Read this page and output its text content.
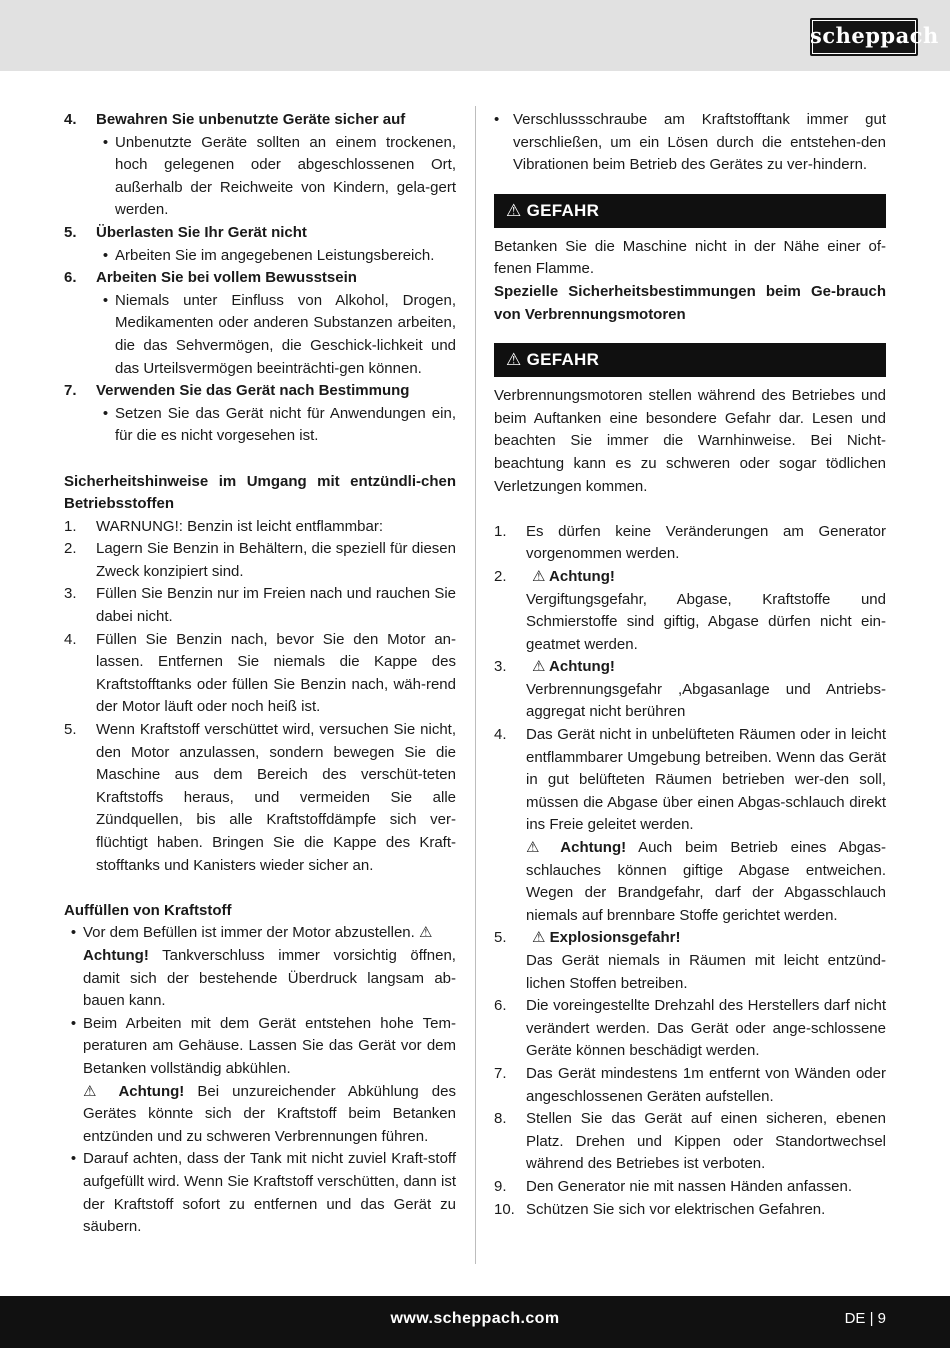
scheppach
4.	Bewahren Sie unbenutzte Geräte sicher auf
• Unbenutzte Geräte sollten an einem trockenen, hoch gelegenen oder abgeschlossenen Ort, außerhalb der Reichweite von Kindern, gela-gert werden.
5.	Überlasten Sie Ihr Gerät nicht
• Arbeiten Sie im angegebenen Leistungsbereich.
6.	Arbeiten Sie bei vollem Bewusstsein
• Niemals unter Einfluss von Alkohol, Drogen, Medikamenten oder anderen Substanzen arbeiten, die das Sehvermögen, die Geschick-lichkeit und das Urteilsvermögen beeinträchti-gen können.
7.	Verwenden Sie das Gerät nach Bestimmung
• Setzen Sie das Gerät nicht für Anwendungen ein, für die es nicht vorgesehen ist.

Sicherheitshinweise im Umgang mit entzündli-chen Betriebsstoffen

1.	WARNUNG!: Benzin ist leicht entflammbar:
2.	Lagern Sie Benzin in Behältern, die speziell für diesen Zweck konzipiert sind.
3.	Füllen Sie Benzin nur im Freien nach und rauchen Sie dabei nicht.
4.	Füllen Sie Benzin nach, bevor Sie den Motor an-lassen. Entfernen Sie niemals die Kappe des Kraftstofftanks oder füllen Sie Benzin nach, wäh-rend der Motor läuft oder noch heiß ist.
5.	Wenn Kraftstoff verschüttet wird, versuchen Sie nicht, den Motor anzulassen, sondern bewegen Sie die Maschine aus dem Bereich des verschüt-teten Kraftstoffs heraus, und vermeiden Sie alle Zündquellen, bis alle Kraftstoffdämpfe sich ver-flüchtigt haben. Bringen Sie die Kappe des Kraft-stofftanks und Kanisters wieder sicher an.

Auffüllen von Kraftstoff

• Vor dem Befüllen ist immer der Motor abzustellen. ⚠
Achtung! Tankverschluss immer vorsichtig öffnen, damit sich der bestehende Überdruck langsam ab-bauen kann.

• Beim Arbeiten mit dem Gerät entstehen hohe Tem-peraturen am Gehäuse. Lassen Sie das Gerät vor dem Betanken vollständig abkühlen.

⚠ Achtung! Bei unzureichender Abkühlung des Gerätes könnte sich der Kraftstoff beim Betanken entzünden und zu schweren Verbrennungen führen.

• Darauf achten, dass der Tank mit nicht zuviel Kraft-stoff aufgefüllt wird. Wenn Sie Kraftstoff verschütten, dann ist der Kraftstoff sofort zu entfernen und das Gerät zu säubern.

• Verschlussschraube am Kraftstofftank immer gut verschließen, um ein Lösen durch die entstehen-den Vibrationen beim Betrieb des Gerätes zu ver-hindern.

⚠ GEFAHR

Betanken Sie die Maschine nicht in der Nähe einer of-fenen Flamme.

Spezielle Sicherheitsbestimmungen beim Ge-brauch von Verbrennungsmotoren

⚠ GEFAHR

Verbrennungsmotoren stellen während des Betriebes und beim Auftanken eine besondere Gefahr dar. Lesen und beachten Sie immer die Warnhinweise. Bei Nicht-beachtung kann es zu schweren oder sogar tödlichen Verletzungen kommen.

1.	Es dürfen keine Veränderungen am Generator vorgenommen werden.
2.	⚠ Achtung!

Vergiftungsgefahr, Abgase, Kraftstoffe und Schmierstoffe sind giftig, Abgase dürfen nicht ein-geatmet werden.

3.	⚠ Achtung!

Verbrennungsgefahr ,Abgasanlage und Antriebs-aggregat nicht berühren

4.	Das Gerät nicht in unbelüfteten Räumen oder in leicht entflammbarer Umgebung betreiben. Wenn das Gerät in gut belüfteten Räumen betrieben wer-den soll, müssen die Abgase über einen Abgas-schlauch direkt ins Freie geleitet werden.

⚠ Achtung! Auch beim Betrieb eines Abgas-schlauches können giftige Abgase entweichen. Wegen der Brandgefahr, darf der Abgasschlauch niemals auf brennbare Stoffe gerichtet werden.

5.	⚠ Explosionsgefahr!

Das Gerät niemals in Räumen mit leicht entzünd-lichen Stoffen betreiben.

6.	Die voreingestellte Drehzahl des Herstellers darf nicht verändert werden. Das Gerät oder ange-schlossene Geräte können beschädigt werden.
7.	Das Gerät mindestens 1m entfernt von Wänden oder angeschlossenen Geräten aufstellen.
8.	Stellen Sie das Gerät auf einen sicheren, ebenen Platz. Drehen und Kippen oder Standortwechsel während des Betriebes ist verboten.
9.	Den Generator nie mit nassen Händen anfassen.
10. Schützen Sie sich vor elektrischen Gefahren.
www.scheppach.com	DE | 9
